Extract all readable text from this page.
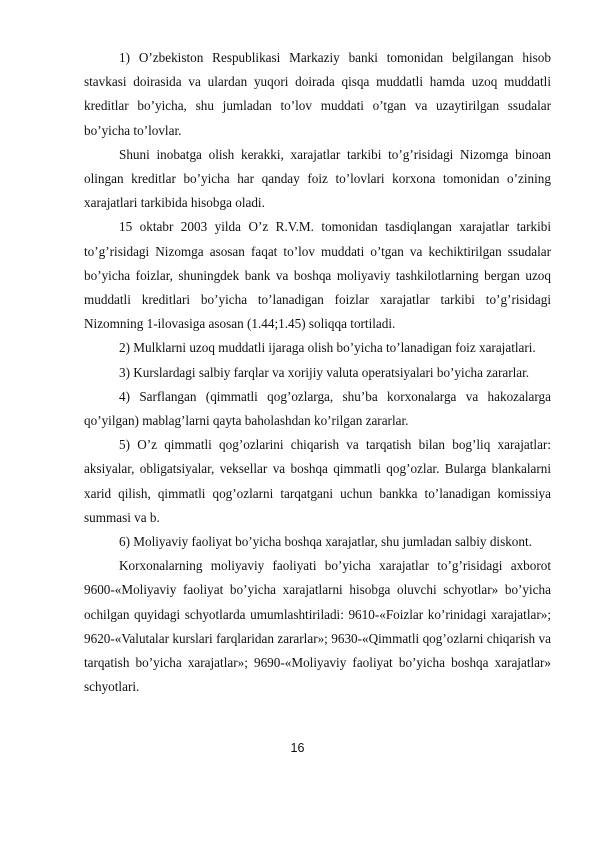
1) O’zbekiston Respublikasi Markaziy banki tomonidan belgilangan hisob stavkasi doirasida va ulardan yuqori doirada qisqa muddatli hamda uzoq muddatli kreditlar bo’yicha, shu jumladan to’lov muddati o’tgan va uzaytirilgan ssudalar bo’yicha to’lovlar.

Shuni inobatga olish kerakki, xarajatlar tarkibi to’g’risidagi Nizomga binoan olingan kreditlar bo’yicha har qanday foiz to’lovlari korxona tomonidan o’zining xarajatlari tarkibida hisobga oladi.

15 oktabr 2003 yilda O’z R.V.M. tomonidan tasdiqlangan xarajatlar tarkibi to’g’risidagi Nizomga asosan faqat to’lov muddati o’tgan va kechiktirilgan ssudalar bo’yicha foizlar, shuningdek bank va boshqa moliyaviy tashkilotlarning bergan uzoq muddatli kreditlari bo’yicha to’lanadigan foizlar xarajatlar tarkibi to’g’risidagi Nizomning 1-ilovasiga asosan (1.44;1.45) soliqqa tortiladi.

2) Mulklarni uzoq muddatli ijaraga olish bo’yicha to’lanadigan foiz xarajatlari.

3) Kurslardagi salbiy farqlar va xorijiy valuta operatsiyalari bo’yicha zararlar.

4) Sarflangan (qimmatli qog’ozlarga, shu’ba korxonalarga va hakozalarga qo’yilgan) mablag’larni qayta baholashdan ko’rilgan zararlar.

5) O’z qimmatli qog’ozlarini chiqarish va tarqatish bilan bog’liq xarajatlar: aksiyalar, obligatsiyalar, veksellar va boshqa qimmatli qog’ozlar. Bularga blankalarni xarid qilish, qimmatli qog’ozlarni tarqatgani uchun bankka to’lanadigan komissiya summasi va b.

6) Moliyaviy faoliyat bo’yicha boshqa xarajatlar, shu jumladan salbiy diskont.

Korxonalarning moliyaviy faoliyati bo’yicha xarajatlar to’g’risidagi axborot 9600-«Moliyaviy faoliyat bo’yicha xarajatlarni hisobga oluvchi schyotlar» bo’yicha ochilgan quyidagi schyotlarda umumlashtiriladi: 9610-«Foizlar ko’rinidagi xarajatlar»; 9620-«Valutalar kurslari farqlaridan zararlar»; 9630-«Qimmatli qog’ozlarni chiqarish va tarqatish bo’yicha xarajatlar»; 9690-«Moliyaviy faoliyat bo’yicha boshqa xarajatlar» schyotlari.

16
